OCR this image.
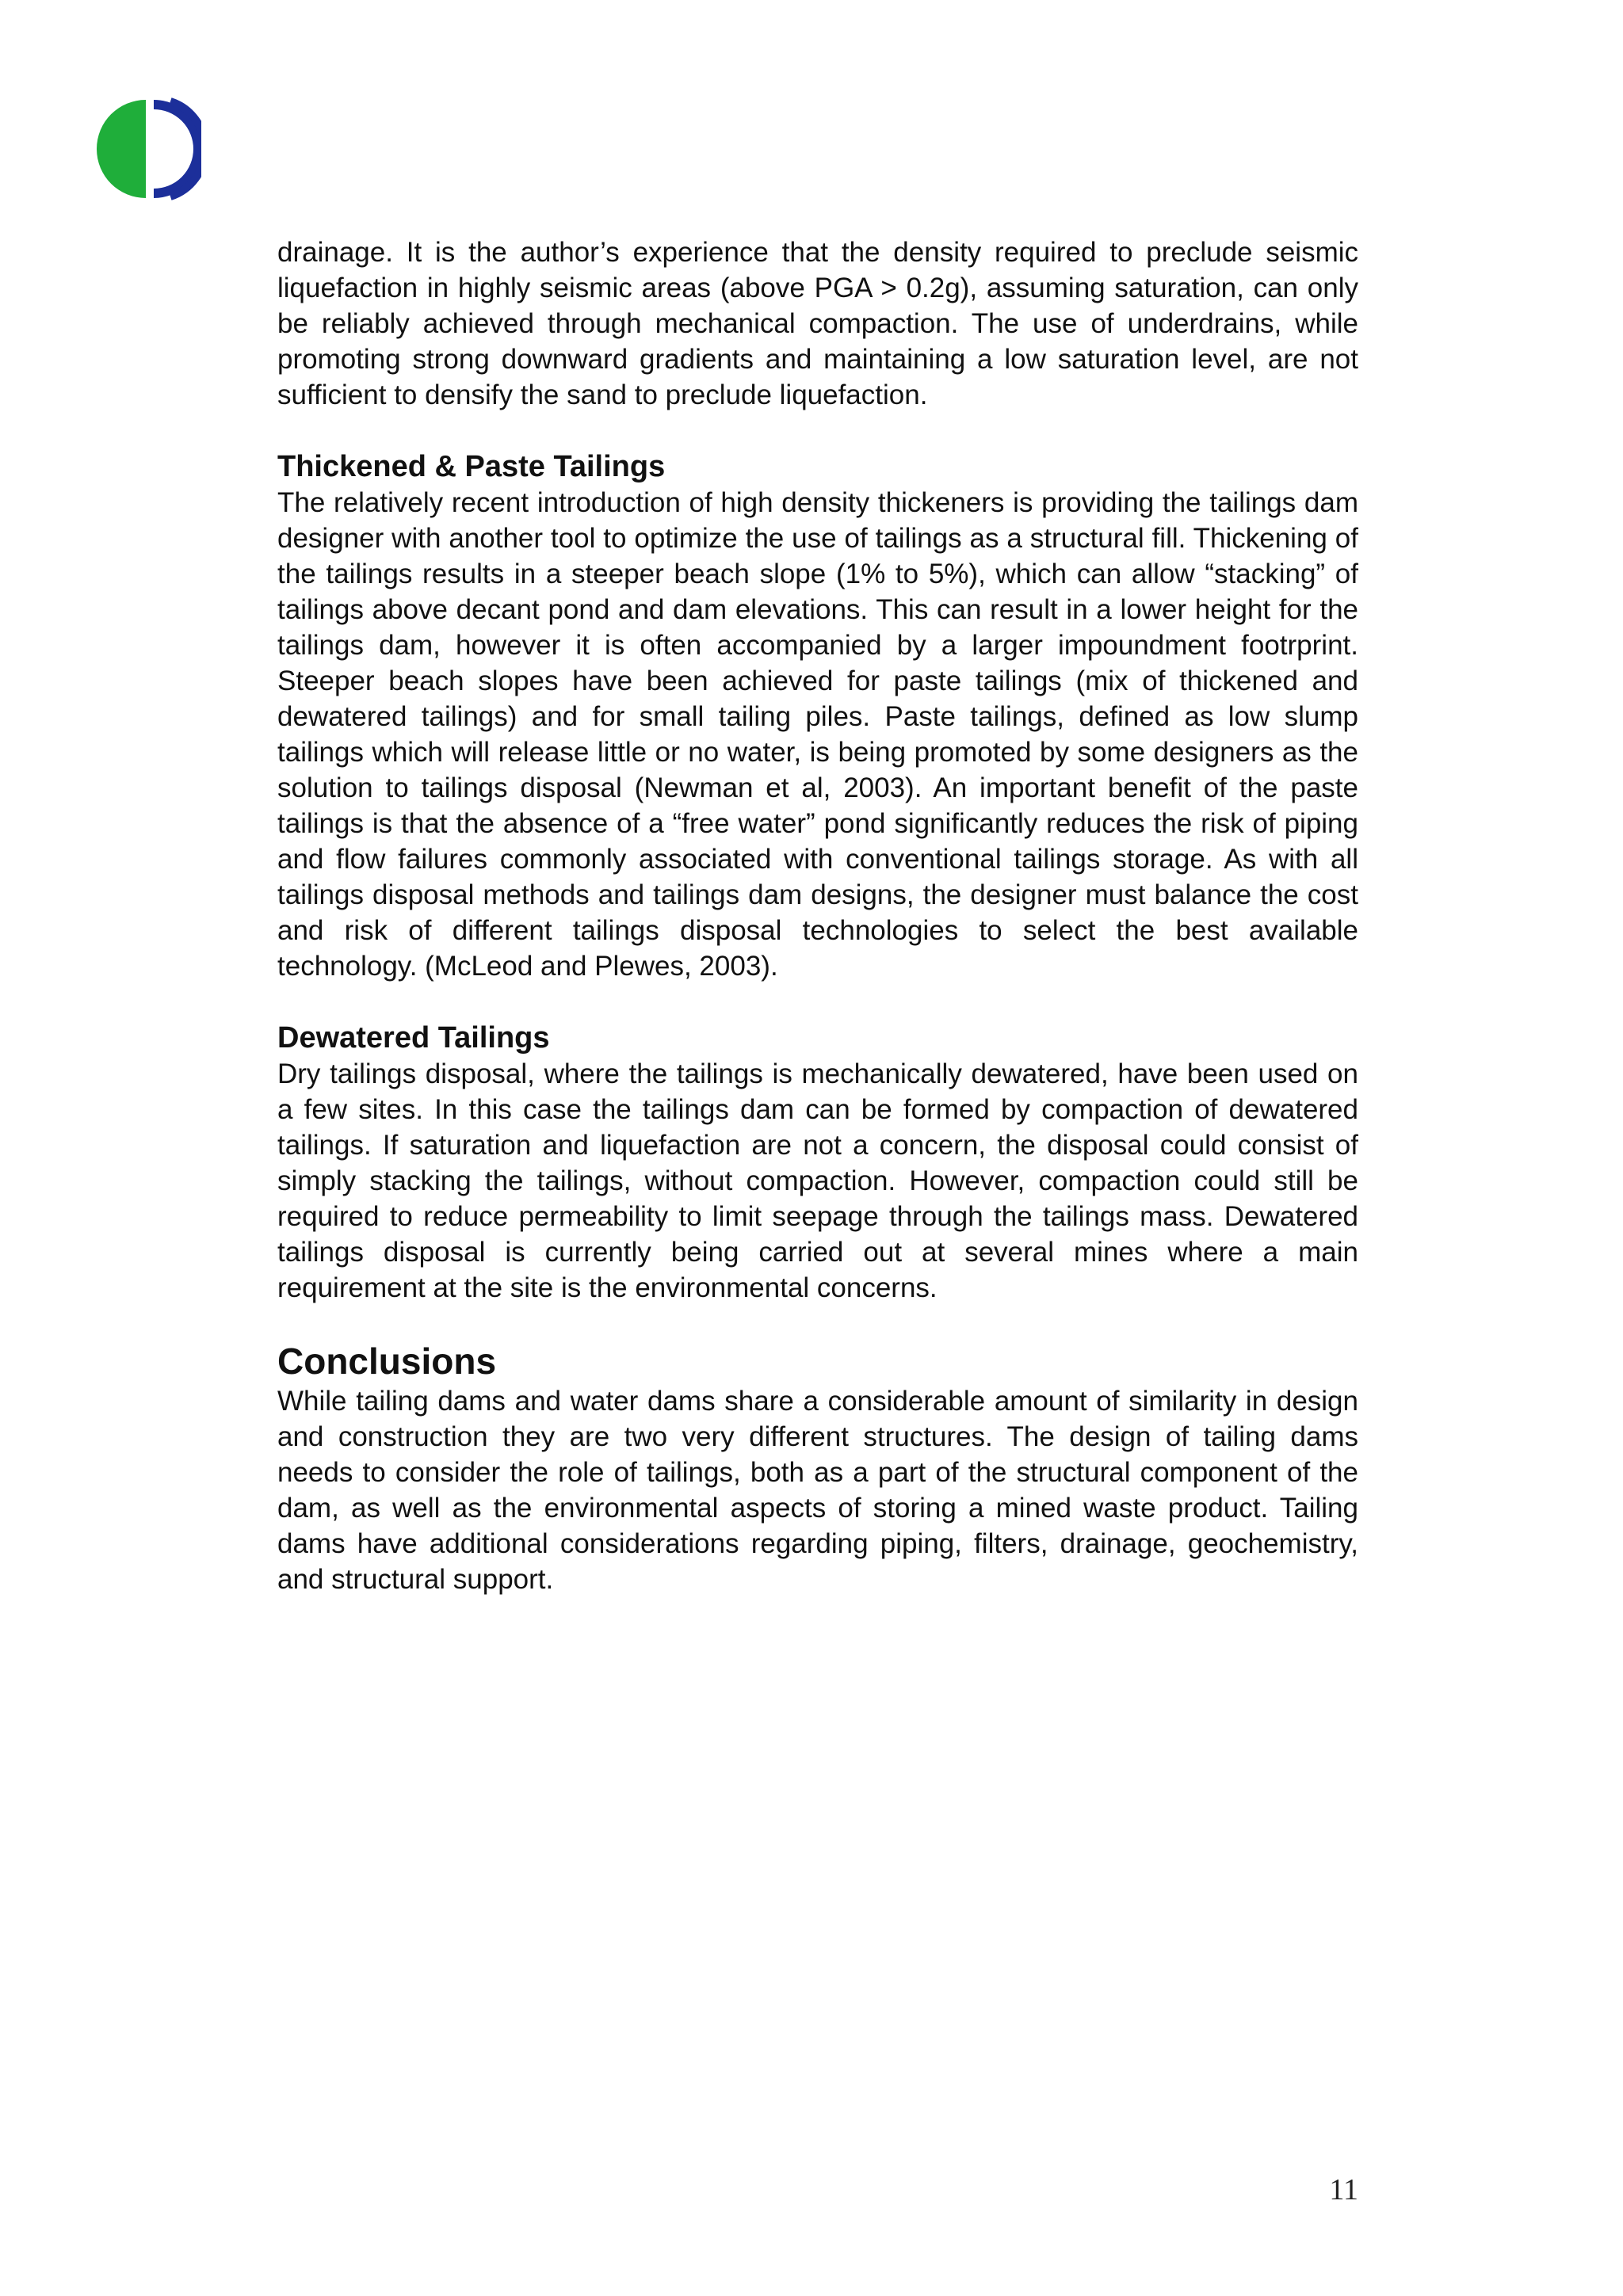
drainage. It is the author’s experience that the density required to preclude seismic liquefaction in highly seismic areas (above PGA > 0.2g), assuming saturation, can only be reliably achieved through mechanical compaction. The use of underdrains, while promoting strong downward gradients and maintaining a low saturation level, are not sufficient to densify the sand to preclude liquefaction.

Thickened & Paste Tailings

The relatively recent introduction of high density thickeners is providing the tailings dam designer with another tool to optimize the use of tailings as a structural fill. Thickening of the tailings results in a steeper beach slope (1% to 5%), which can allow “stacking” of tailings above decant pond and dam elevations. This can result in a lower height for the tailings dam, however it is often accompanied by a larger impoundment footrprint. Steeper beach slopes have been achieved for paste tailings (mix of thickened and dewatered tailings) and for small tailing piles. Paste tailings, defined as low slump tailings which will release little or no water, is being promoted by some designers as the solution to tailings disposal (Newman et al, 2003). An important benefit of the paste tailings is that the absence of a “free water” pond significantly reduces the risk of piping and flow failures commonly associated with conventional tailings storage. As with all tailings disposal methods and tailings dam designs, the designer must balance the cost and risk of different tailings disposal technologies to select the best available technology. (McLeod and Plewes, 2003).

Dewatered Tailings

Dry tailings disposal, where the tailings is mechanically dewatered, have been used on a few sites. In this case the tailings dam can be formed by compaction of dewatered tailings. If saturation and liquefaction are not a concern, the disposal could consist of simply stacking the tailings, without compaction. However, compaction could still be required to reduce permeability to limit seepage through the tailings mass. Dewatered tailings disposal is currently being carried out at several mines where a main requirement at the site is the environmental concerns.

Conclusions

While tailing dams and water dams share a considerable amount of similarity in design and construction they are two very different structures. The design of tailing dams needs to consider the role of tailings, both as a part of the structural component of the dam, as well as the environmental aspects of storing a mined waste product. Tailing dams have additional considerations regarding piping, filters, drainage, geochemistry, and structural support.

11
